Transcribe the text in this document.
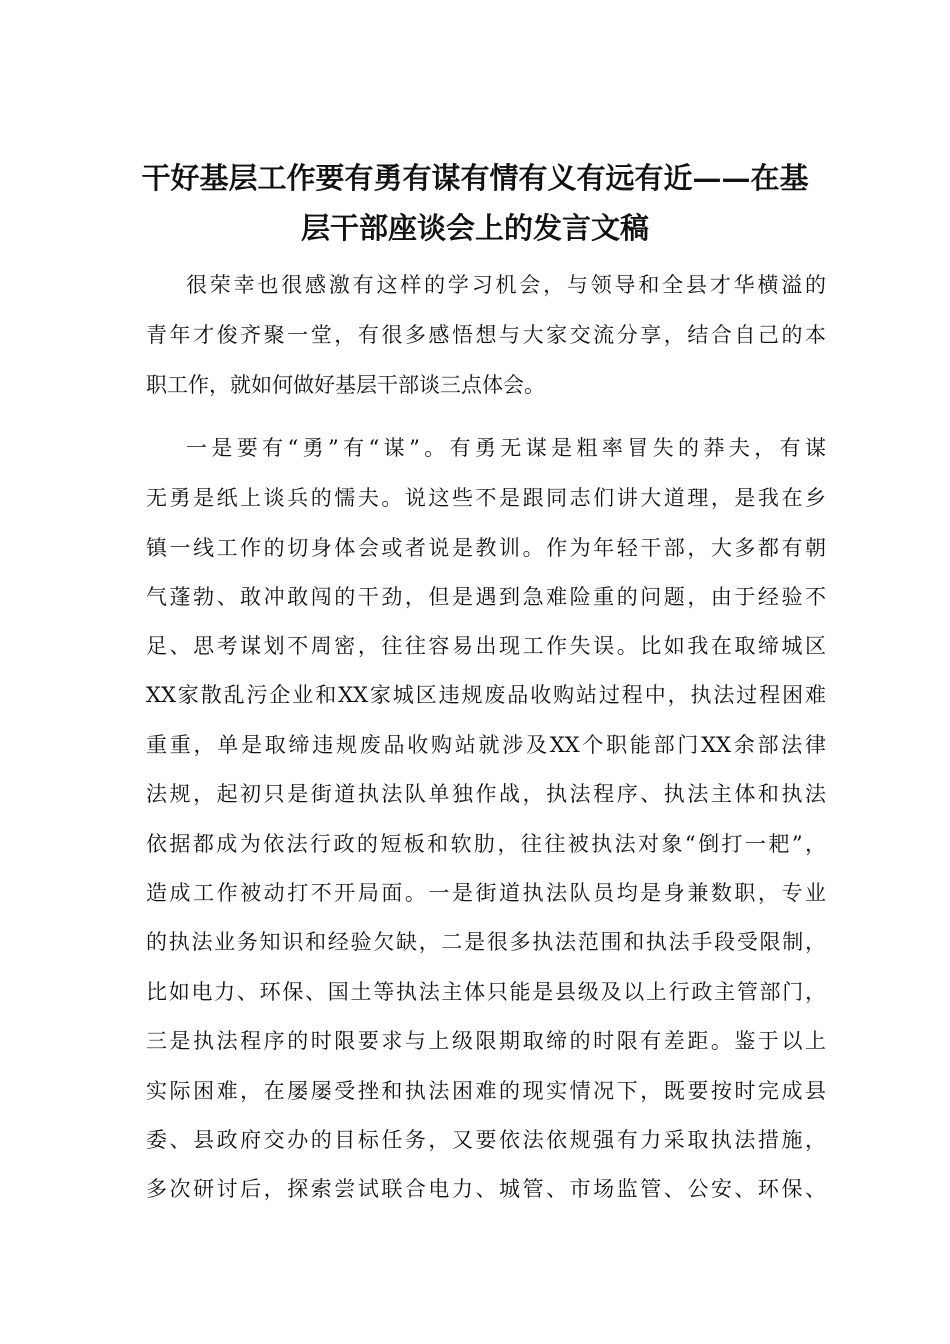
干好基层工作要有勇有谋有情有义有远有近——在基
层干部座谈会上的发言文稿
很荣幸也很感激有这样的学习机会，与领导和全县才华横溢的
青年才俊齐聚一堂，有很多感悟想与大家交流分享，结合自己的本
职工作，就如何做好基层干部谈三点体会。
一是要有“勇”有“谋”。有勇无谋是粗率冒失的莽夫，有谋
无勇是纸上谈兵的懦夫。说这些不是跟同志们讲大道理，是我在乡
镇一线工作的切身体会或者说是教训。作为年轻干部，大多都有朝
气蓬勃、敢冲敢闯的干劲，但是遇到急难险重的问题，由于经验不
足、思考谋划不周密，往往容易出现工作失误。比如我在取缔城区
XX家散乱污企业和XX家城区违规废品收购站过程中，执法过程困难
重重，单是取缔违规废品收购站就涉及XX个职能部门XX余部法律
法规，起初只是街道执法队单独作战，执法程序、执法主体和执法
依据都成为依法行政的短板和软肋，往往被执法对象“倒打一耙”，
造成工作被动打不开局面。一是街道执法队员均是身兼数职，专业
的执法业务知识和经验欠缺，二是很多执法范围和执法手段受限制，
比如电力、环保、国土等执法主体只能是县级及以上行政主管部门，
三是执法程序的时限要求与上级限期取缔的时限有差距。鉴于以上
实际困难，在屡屡受挫和执法困难的现实情况下，既要按时完成县
委、县政府交办的目标任务，又要依法依规强有力采取执法措施，
多次研讨后，探索尝试联合电力、城管、市场监管、公安、环保、
